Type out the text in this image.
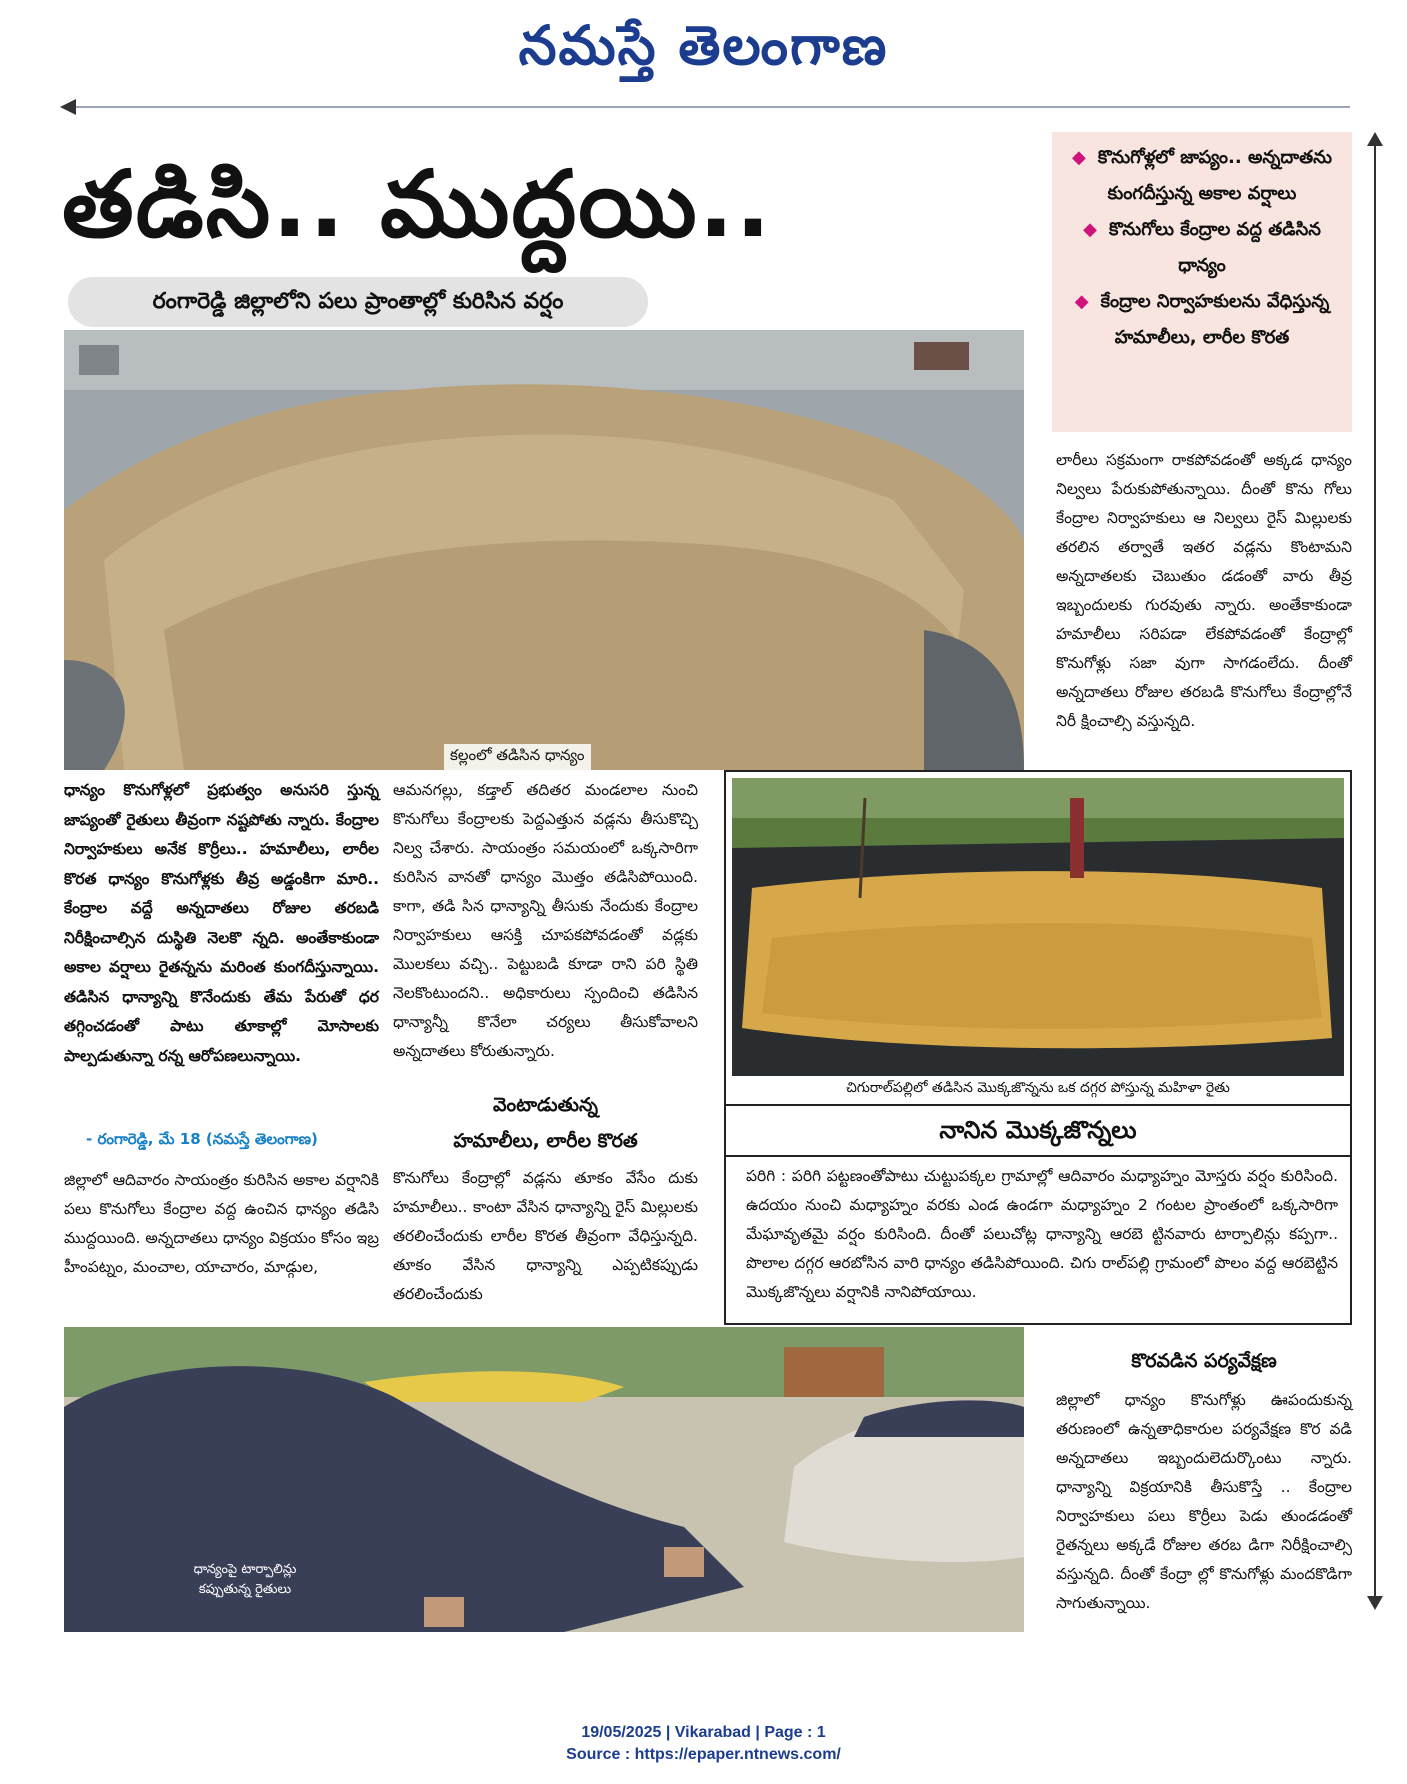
నమస్తే తెలంగాణ
తడిసి.. ముద్దయి..
రంగారెడ్డి జిల్లాలోని పలు ప్రాంతాల్లో కురిసిన వర్షం
◆ కొనుగోళ్లలో జాప్యం.. అన్నదాతను కుంగదీస్తున్న అకాల వర్షాలు
◆ కొనుగోలు కేంద్రాల వద్ద తడిసిన ధాన్యం
◆ కేంద్రాల నిర్వాహకులను వేధిస్తున్న హమాలీలు, లారీల కొరత
కల్లంలో తడిసిన ధాన్యం
లారీలు సక్రమంగా రాకపోవడంతో అక్కడ ధాన్యం నిల్వలు పేరుకుపోతున్నాయి. దీంతో కొను గోలు కేంద్రాల నిర్వాహకులు ఆ నిల్వలు రైస్ మిల్లులకు తరలిన తర్వాతే ఇతర వడ్లను కొంటామని అన్నదాతలకు చెబుతుం డడంతో వారు తీవ్ర ఇబ్బందులకు గురవుతు న్నారు. అంతేకాకుండా హమాలీలు సరిపడా లేకపోవడంతో కేంద్రాల్లో కొనుగోళ్లు సజా వుగా సాగడంలేదు. దీంతో అన్నదాతలు రోజుల తరబడి కొనుగోలు కేంద్రాల్లోనే నిరీ క్షించాల్సి వస్తున్నది.
ధాన్యం కొనుగోళ్లలో ప్రభుత్వం అనుసరి స్తున్న జాప్యంతో రైతులు తీవ్రంగా నష్టపోతు న్నారు. కేంద్రాల నిర్వాహకులు అనేక కొర్రీలు.. హమాలీలు, లారీల కొరత ధాన్యం కొనుగోళ్లకు తీవ్ర అడ్డంకిగా మారి.. కేంద్రాల వద్దే అన్నదాతలు రోజుల తరబడి నిరీక్షించాల్సిన దుస్థితి నెలకొ న్నది. అంతేకాకుండా అకాల వర్షాలు రైతన్నను మరింత కుంగదీస్తున్నాయి. తడిసిన ధాన్యాన్ని కొనేందుకు తేమ పేరుతో ధర తగ్గించడంతో పాటు తూకాల్లో మోసాలకు పాల్పడుతున్నా రన్న ఆరోపణలున్నాయి.
- రంగారెడ్డి, మే 18 (నమస్తే తెలంగాణ)
జిల్లాలో ఆదివారం సాయంత్రం కురిసిన అకాల వర్షానికి పలు కొనుగోలు కేంద్రాల వద్ద ఉంచిన ధాన్యం తడిసి ముద్దయింది. అన్నదాతలు ధాన్యం విక్రయం కోసం ఇబ్ర హీంపట్నం, మంచాల, యాచారం, మాడ్గుల,
ఆమనగల్లు, కడ్తాల్ తదితర మండలాల నుంచి కొనుగోలు కేంద్రాలకు పెద్దఎత్తున వడ్లను తీసుకొచ్చి నిల్వ చేశారు. సాయంత్రం సమయంలో ఒక్కసారిగా కురిసిన వానతో ధాన్యం మొత్తం తడిసిపోయింది. కాగా, తడి సిన ధాన్యాన్ని తీసుకు నేందుకు కేంద్రాల నిర్వాహకులు ఆసక్తి చూపకపోవడంతో వడ్లకు మొలకలు వచ్చి.. పెట్టుబడి కూడా రాని పరి స్థితి నెలకొంటుందని.. అధికారులు స్పందించి తడిసిన ధాన్యాన్నీ కొనేలా చర్యలు తీసుకోవాలని అన్నదాతలు కోరుతున్నారు.
వెంటాడుతున్న
హమాలీలు, లారీల కొరత
కొనుగోలు కేంద్రాల్లో వడ్లను తూకం వేసేం దుకు హమాలీలు.. కాంటా వేసిన ధాన్యాన్ని రైస్ మిల్లులకు తరలించేందుకు లారీల కొరత తీవ్రంగా వేధిస్తున్నది. తూకం వేసిన ధాన్యాన్ని ఎప్పటికప్పుడు తరలించేందుకు
చిగురాల్‌పల్లిలో తడిసిన మొక్కజొన్నను ఒక దగ్గర పోస్తున్న మహిళా రైతు
నానిన మొక్కజొన్నలు
పరిగి : పరిగి పట్టణంతోపాటు చుట్టుపక్కల గ్రామాల్లో ఆదివారం మధ్యాహ్నం మోస్తరు వర్షం కురిసింది. ఉదయం నుంచి మధ్యాహ్నం వరకు ఎండ ఉండగా మధ్యాహ్నం 2 గంటల ప్రాంతంలో ఒక్కసారిగా మేఘావృతమై వర్షం కురిసింది. దీంతో పలుచోట్ల ధాన్యాన్ని ఆరబె ట్టినవారు టార్పాలిన్లు కప్పగా.. పొలాల దగ్గర ఆరబోసిన వారి ధాన్యం తడిసిపోయింది. చిగు రాల్‌పల్లి గ్రామంలో పొలం వద్ద ఆరబెట్టిన మొక్కజొన్నలు వర్షానికి నానిపోయాయి.
ధాన్యంపై టార్పాలిన్లు కప్పుతున్న రైతులు
కొరవడిన పర్యవేక్షణ
జిల్లాలో ధాన్యం కొనుగోళ్లు ఊపందుకున్న తరుణంలో ఉన్నతాధికారుల పర్యవేక్షణ కొర వడి అన్నదాతలు ఇబ్బందులెదుర్కొంటు న్నారు. ధాన్యాన్ని విక్రయానికి తీసుకొస్తే .. కేంద్రాల నిర్వాహకులు పలు కొర్రీలు పెడు తుండడంతో రైతన్నలు అక్కడే రోజుల తరబ డిగా నిరీక్షించాల్సి వస్తున్నది. దీంతో కేంద్రా ల్లో కొనుగోళ్లు మందకొడిగా సాగుతున్నాయి.
19/05/2025 | Vikarabad | Page : 1
Source : https://epaper.ntnews.com/
